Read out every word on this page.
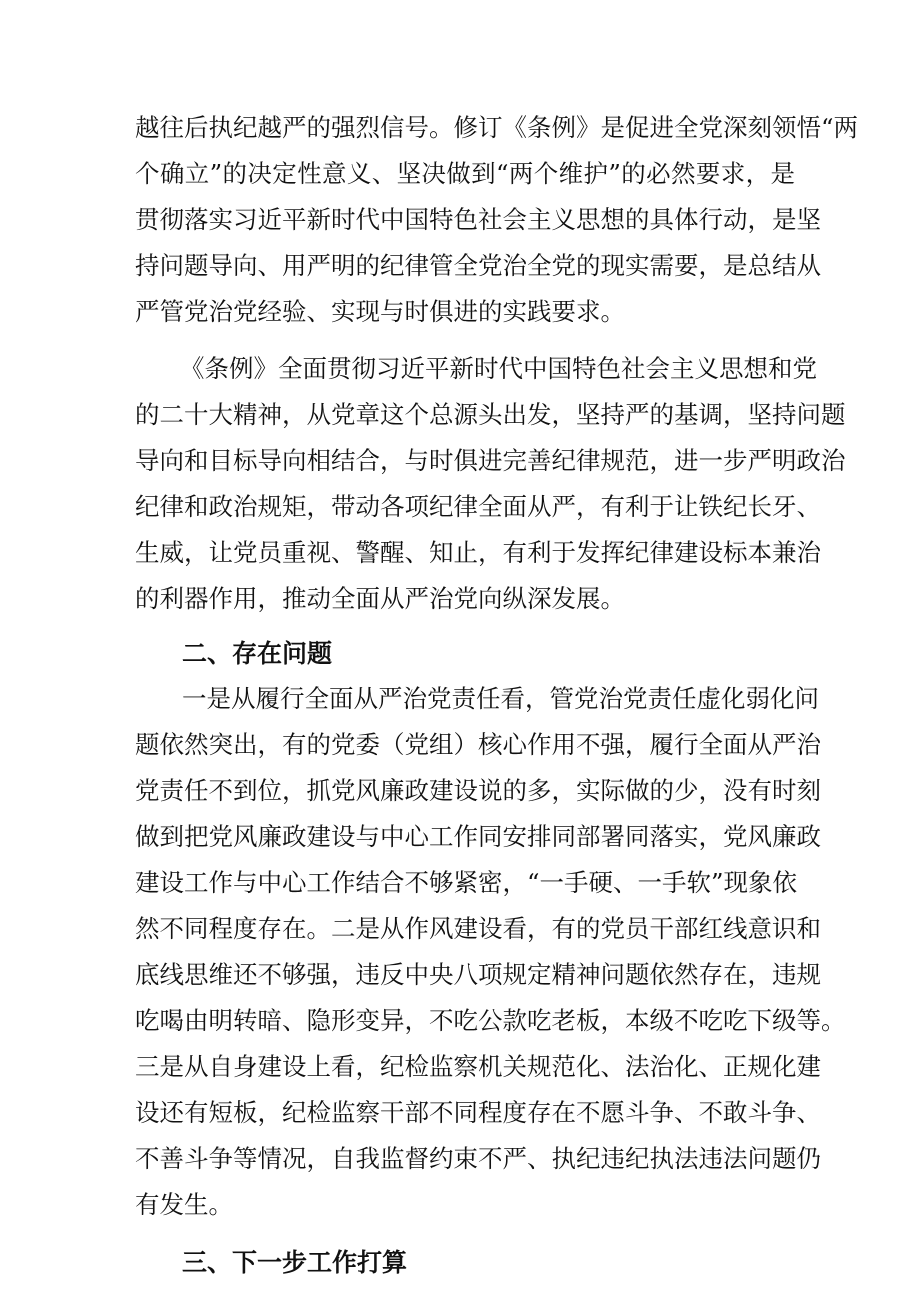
越往后执纪越严的强烈信号。修订《条例》是促进全党深刻领悟“两
个确立”的决定性意义、坚决做到“两个维护”的必然要求，是
贯彻落实习近平新时代中国特色社会主义思想的具体行动，是坚
持问题导向、用严明的纪律管全党治全党的现实需要，是总结从
严管党治党经验、实现与时俱进的实践要求。
《条例》全面贯彻习近平新时代中国特色社会主义思想和党
的二十大精神，从党章这个总源头出发，坚持严的基调，坚持问题
导向和目标导向相结合，与时俱进完善纪律规范，进一步严明政治
纪律和政治规矩，带动各项纪律全面从严，有利于让铁纪长牙、
生威，让党员重视、警醒、知止，有利于发挥纪律建设标本兼治
的利器作用，推动全面从严治党向纵深发展。
二、存在问题
一是从履行全面从严治党责任看，管党治党责任虚化弱化问
题依然突出，有的党委（党组）核心作用不强，履行全面从严治
党责任不到位，抓党风廉政建设说的多，实际做的少，没有时刻
做到把党风廉政建设与中心工作同安排同部署同落实，党风廉政
建设工作与中心工作结合不够紧密，“一手硬、一手软”现象依
然不同程度存在。二是从作风建设看，有的党员干部红线意识和
底线思维还不够强，违反中央八项规定精神问题依然存在，违规
吃喝由明转暗、隐形变异，不吃公款吃老板，本级不吃吃下级等。
三是从自身建设上看，纪检监察机关规范化、法治化、正规化建
设还有短板，纪检监察干部不同程度存在不愿斗争、不敢斗争、
不善斗争等情况，自我监督约束不严、执纪违纪执法违法问题仍
有发生。
三、下一步工作打算
